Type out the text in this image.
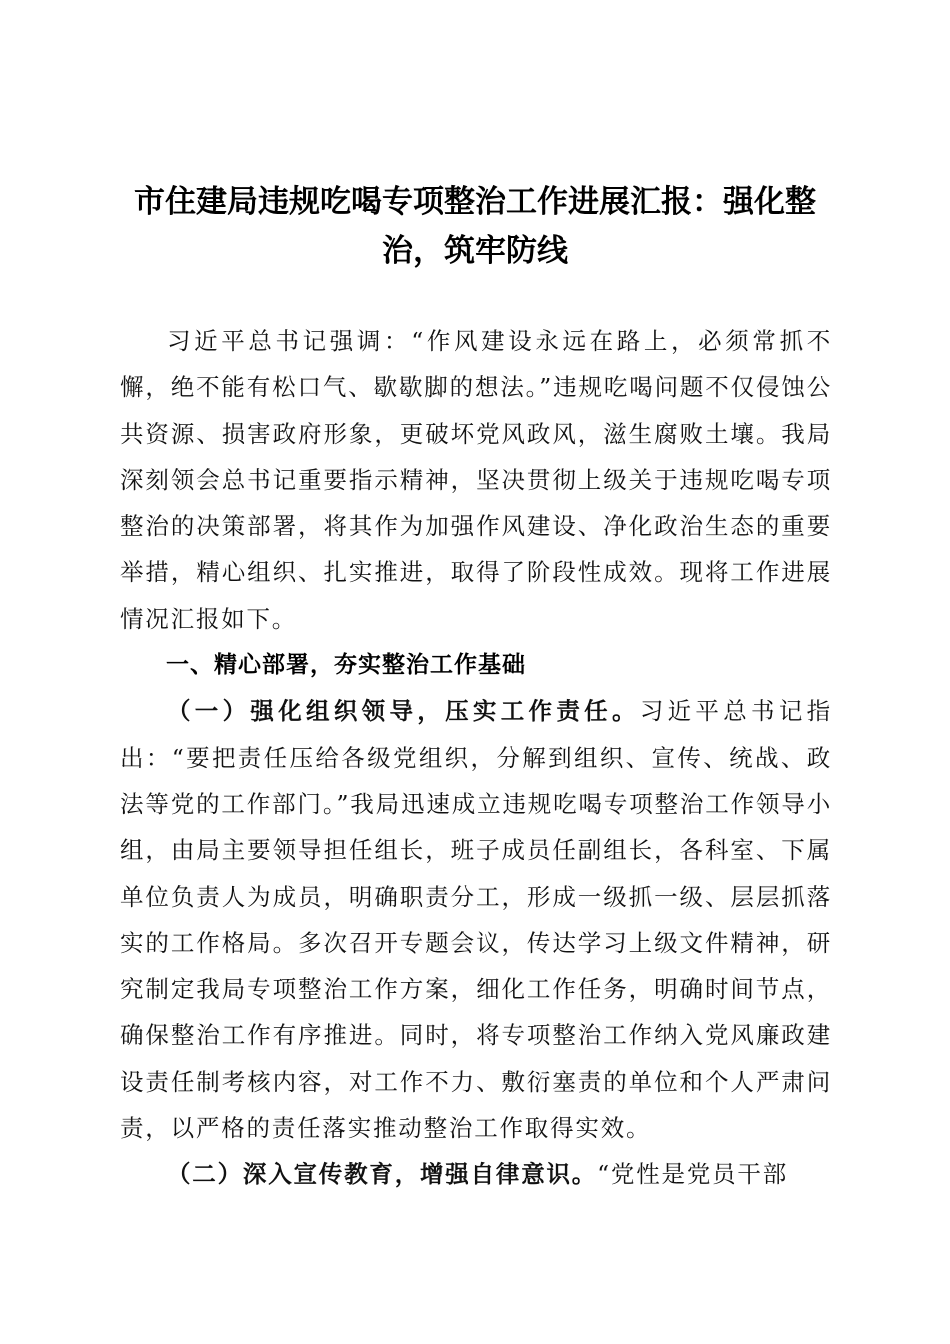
市住建局违规吃喝专项整治工作进展汇报：强化整治，筑牢防线

习近平总书记强调：“作风建设永远在路上，必须常抓不懈，绝不能有松口气、歇歇脚的想法。”违规吃喝问题不仅侵蚀公共资源、损害政府形象，更破坏党风政风，滋生腐败土壤。我局深刻领会总书记重要指示精神，坚决贯彻上级关于违规吃喝专项整治的决策部署，将其作为加强作风建设、净化政治生态的重要举措，精心组织、扎实推进，取得了阶段性成效。现将工作进展情况汇报如下。

一、精心部署，夯实整治工作基础

（一）强化组织领导，压实工作责任。习近平总书记指出：“要把责任压给各级党组织，分解到组织、宣传、统战、政法等党的工作部门。”我局迅速成立违规吃喝专项整治工作领导小组，由局主要领导担任组长，班子成员任副组长，各科室、下属单位负责人为成员，明确职责分工，形成一级抓一级、层层抓落实的工作格局。多次召开专题会议，传达学习上级文件精神，研究制定我局专项整治工作方案，细化工作任务，明确时间节点，确保整治工作有序推进。同时，将专项整治工作纳入党风廉政建设责任制考核内容，对工作不力、敷衍塞责的单位和个人严肃问责，以严格的责任落实推动整治工作取得实效。

（二）深入宣传教育，增强自律意识。“党性是党员干部
